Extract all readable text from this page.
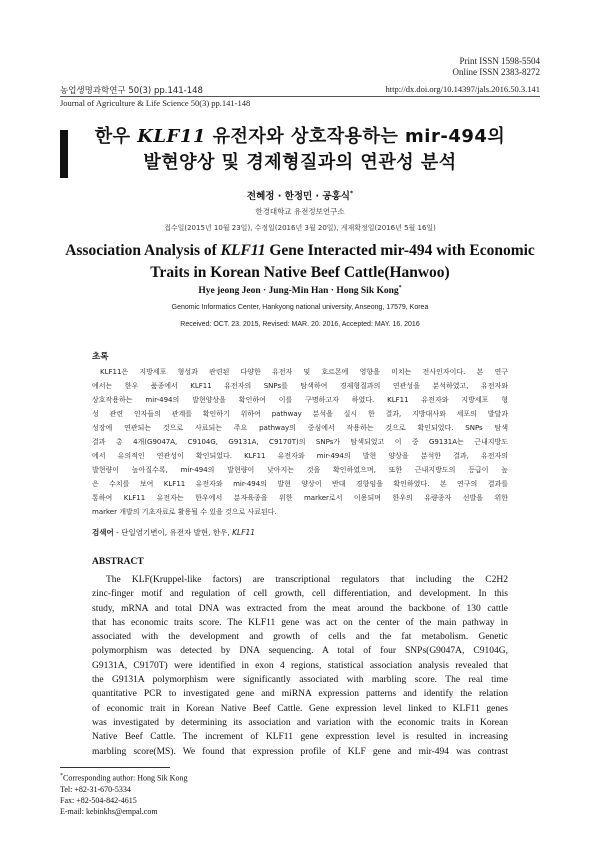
Print ISSN 1598-5504
Online ISSN 2383-8272
농업생명과학연구 50(3) pp.141-148	http://dx.doi.org/10.14397/jals.2016.50.3.141
Journal of Agriculture & Life Science 50(3) pp.141-148
한우 KLF11 유전자와 상호작용하는 mir-494의
발현양상 및 경제형질과의 연관성 분석
전혜정 · 한정민 · 공홍식*
한경대학교 유전정보연구소
접수일(2015년 10월 23일), 수정일(2016년 3월 20일), 게재확정일(2016년 5월 16일)
Association Analysis of KLF11 Gene Interacted mir-494 with Economic
Traits in Korean Native Beef Cattle(Hanwoo)
Hye jeong Jeon · Jung-Min Han · Hong Sik Kong*
Genomic Informatics Center, Hankyong national university, Anseong, 17579, Korea
Received: OCT. 23. 2015, Revised: MAR. 20. 2016, Accepted: MAY. 16. 2016
초록
KLF11은 지방세포 형성과 관련된 다양한 유전자 및 호르몬에 영향을 미치는 전사인자이다. 본 연구
에서는 한우 품종에서 KLF11 유전자의 SNPs를 탐색하여 경제형질과의 연관성을 분석하였고, 유전자와
상호작용하는 mir-494의 발현양상을 확인하여 이를 구명하고자 하였다. KLF11 유전자와 지방세포 형
성 관련 인자들의 관계를 확인하기 위하여 pathway 분석을 실시 한 결과, 지방대사와 세포의 발달과
성장에 연관되는 것으로 사료되는 주요 pathway의 중심에서 작용하는 것으로 확인되었다. SNPs 탐색
결과 총 4개(G9047A, C9104G, G9131A, C9170T)의 SNPs가 탐색되었고 이 중 G9131A는 근내지방도
에서 유의적인 연관성이 확인되었다. KLF11 유전자와 mir-494의 발현 양상을 분석한 결과, 유전자의
발현량이 높아질수록, mir-494의 발현량이 낮아지는 것을 확인하였으며, 또한 근내지방도의 등급이 높
은 수치를 보여 KLF11 유전자와 mir-494의 발현 양상이 반대 경향임을 확인하였다. 본 연구의 결과를
통하여 KLF11 유전자는 한우에서 분자육종을 위한 marker로서 이용되며 한우의 유량종자 선발을 위한
marker 개발의 기초자료로 활용될 수 있을 것으로 사료된다.
검색어 - 단일염기변이, 유전자 발현, 한우, KLF11
ABSTRACT
The KLF(Kruppel-like factors) are transcriptional regulators that including the C2H2
zinc-finger motif and regulation of cell growth, cell differentiation, and development. In this
study, mRNA and total DNA was extracted from the meat around the backbone of 130 cattle
that has economic traits score. The KLF11 gene was act on the center of the main pathway in
associated with the development and growth of cells and the fat metabolism. Genetic
polymorphism was detected by DNA sequencing. A total of four SNPs(G9047A, C9104G,
G9131A, C9170T) were identified in exon 4 regions, statistical association analysis revealed that
the G9131A polymorphism were significantly associated with marbling score. The real time
quantitative PCR to investigated gene and miRNA expression patterns and identify the relation
of economic trait in Korean Native Beef Cattle. Gene expression level linked to KLF11 genes
was investigated by determining its association and variation with the economic traits in Korean
Native Beef Cattle. The increment of KLF11 gene expresstion level is resulted in increasing
marbling score(MS). We found that expression profile of KLF gene and mir-494 was contrast
*Corresponding author: Hong Sik Kong
Tel: +82-31-670-5334
Fax: +82-504-842-4615
E-mail: kebinkhs@empal.com
